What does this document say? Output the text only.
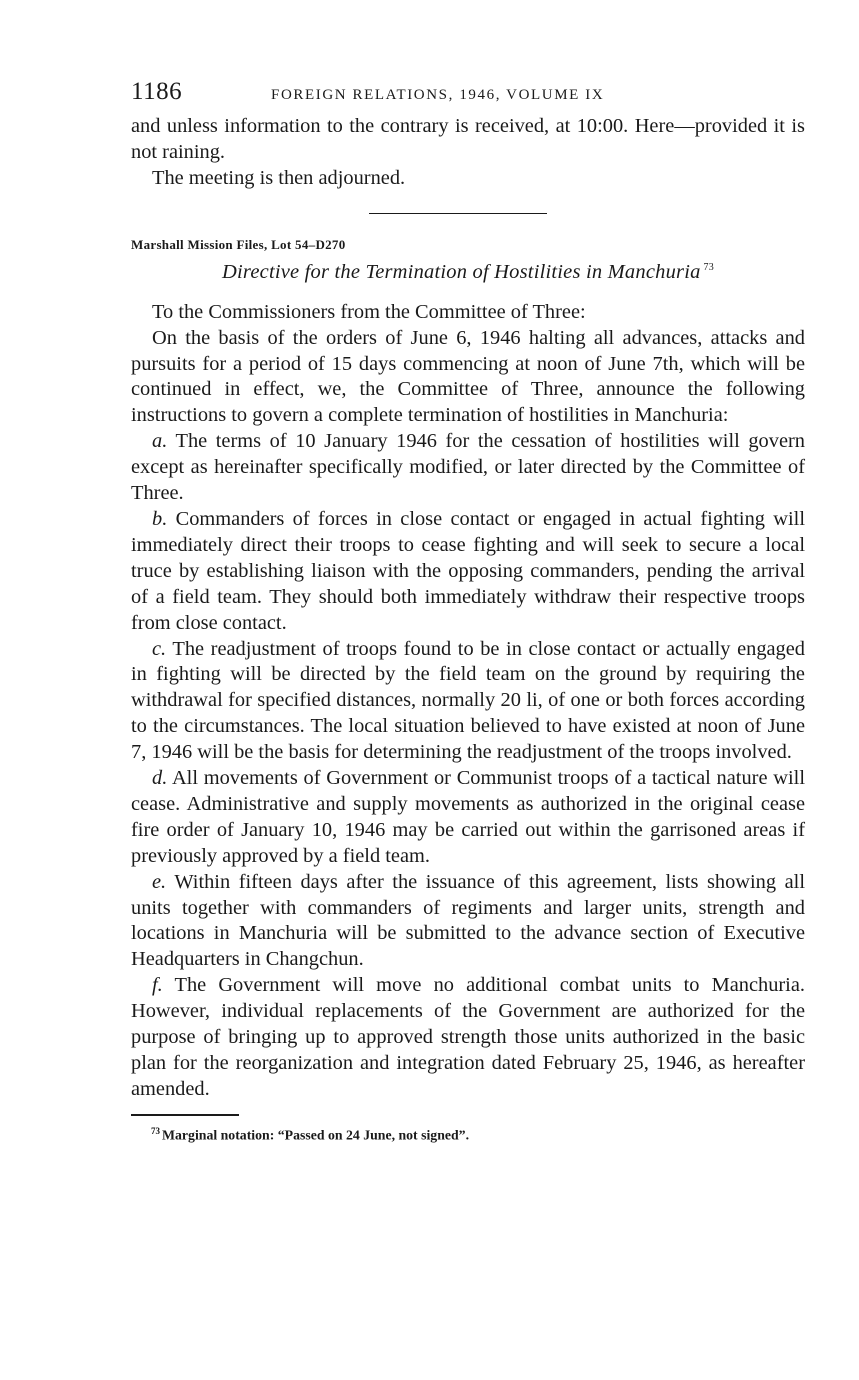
1186	FOREIGN RELATIONS, 1946, VOLUME IX

and unless information to the contrary is received, at 10:00. Here—provided it is not raining.

The meeting is then adjourned.

Marshall Mission Files, Lot 54–D270

Directive for the Termination of Hostilities in Manchuria $^{73}$

To the Commissioners from the Committee of Three:

On the basis of the orders of June 6, 1946 halting all advances, attacks and pursuits for a period of 15 days commencing at noon of June 7th, which will be continued in effect, we, the Committee of Three, announce the following instructions to govern a complete termination of hostilities in Manchuria:

a. The terms of 10 January 1946 for the cessation of hostilities will govern except as hereinafter specifically modified, or later directed by the Committee of Three.

b. Commanders of forces in close contact or engaged in actual fighting will immediately direct their troops to cease fighting and will seek to secure a local truce by establishing liaison with the opposing commanders, pending the arrival of a field team. They should both immediately withdraw their respective troops from close contact.

c. The readjustment of troops found to be in close contact or actually engaged in fighting will be directed by the field team on the ground by requiring the withdrawal for specified distances, normally 20 li, of one or both forces according to the circumstances. The local situation believed to have existed at noon of June 7, 1946 will be the basis for determining the readjustment of the troops involved.

d. All movements of Government or Communist troops of a tactical nature will cease. Administrative and supply movements as authorized in the original cease fire order of January 10, 1946 may be carried out within the garrisoned areas if previously approved by a field team.

e. Within fifteen days after the issuance of this agreement, lists showing all units together with commanders of regiments and larger units, strength and locations in Manchuria will be submitted to the advance section of Executive Headquarters in Changchun.

f. The Government will move no additional combat units to Manchuria. However, individual replacements of the Government are authorized for the purpose of bringing up to approved strength those units authorized in the basic plan for the reorganization and integration dated February 25, 1946, as hereafter amended.

$^{73}$ Marginal notation: “Passed on 24 June, not signed”.
